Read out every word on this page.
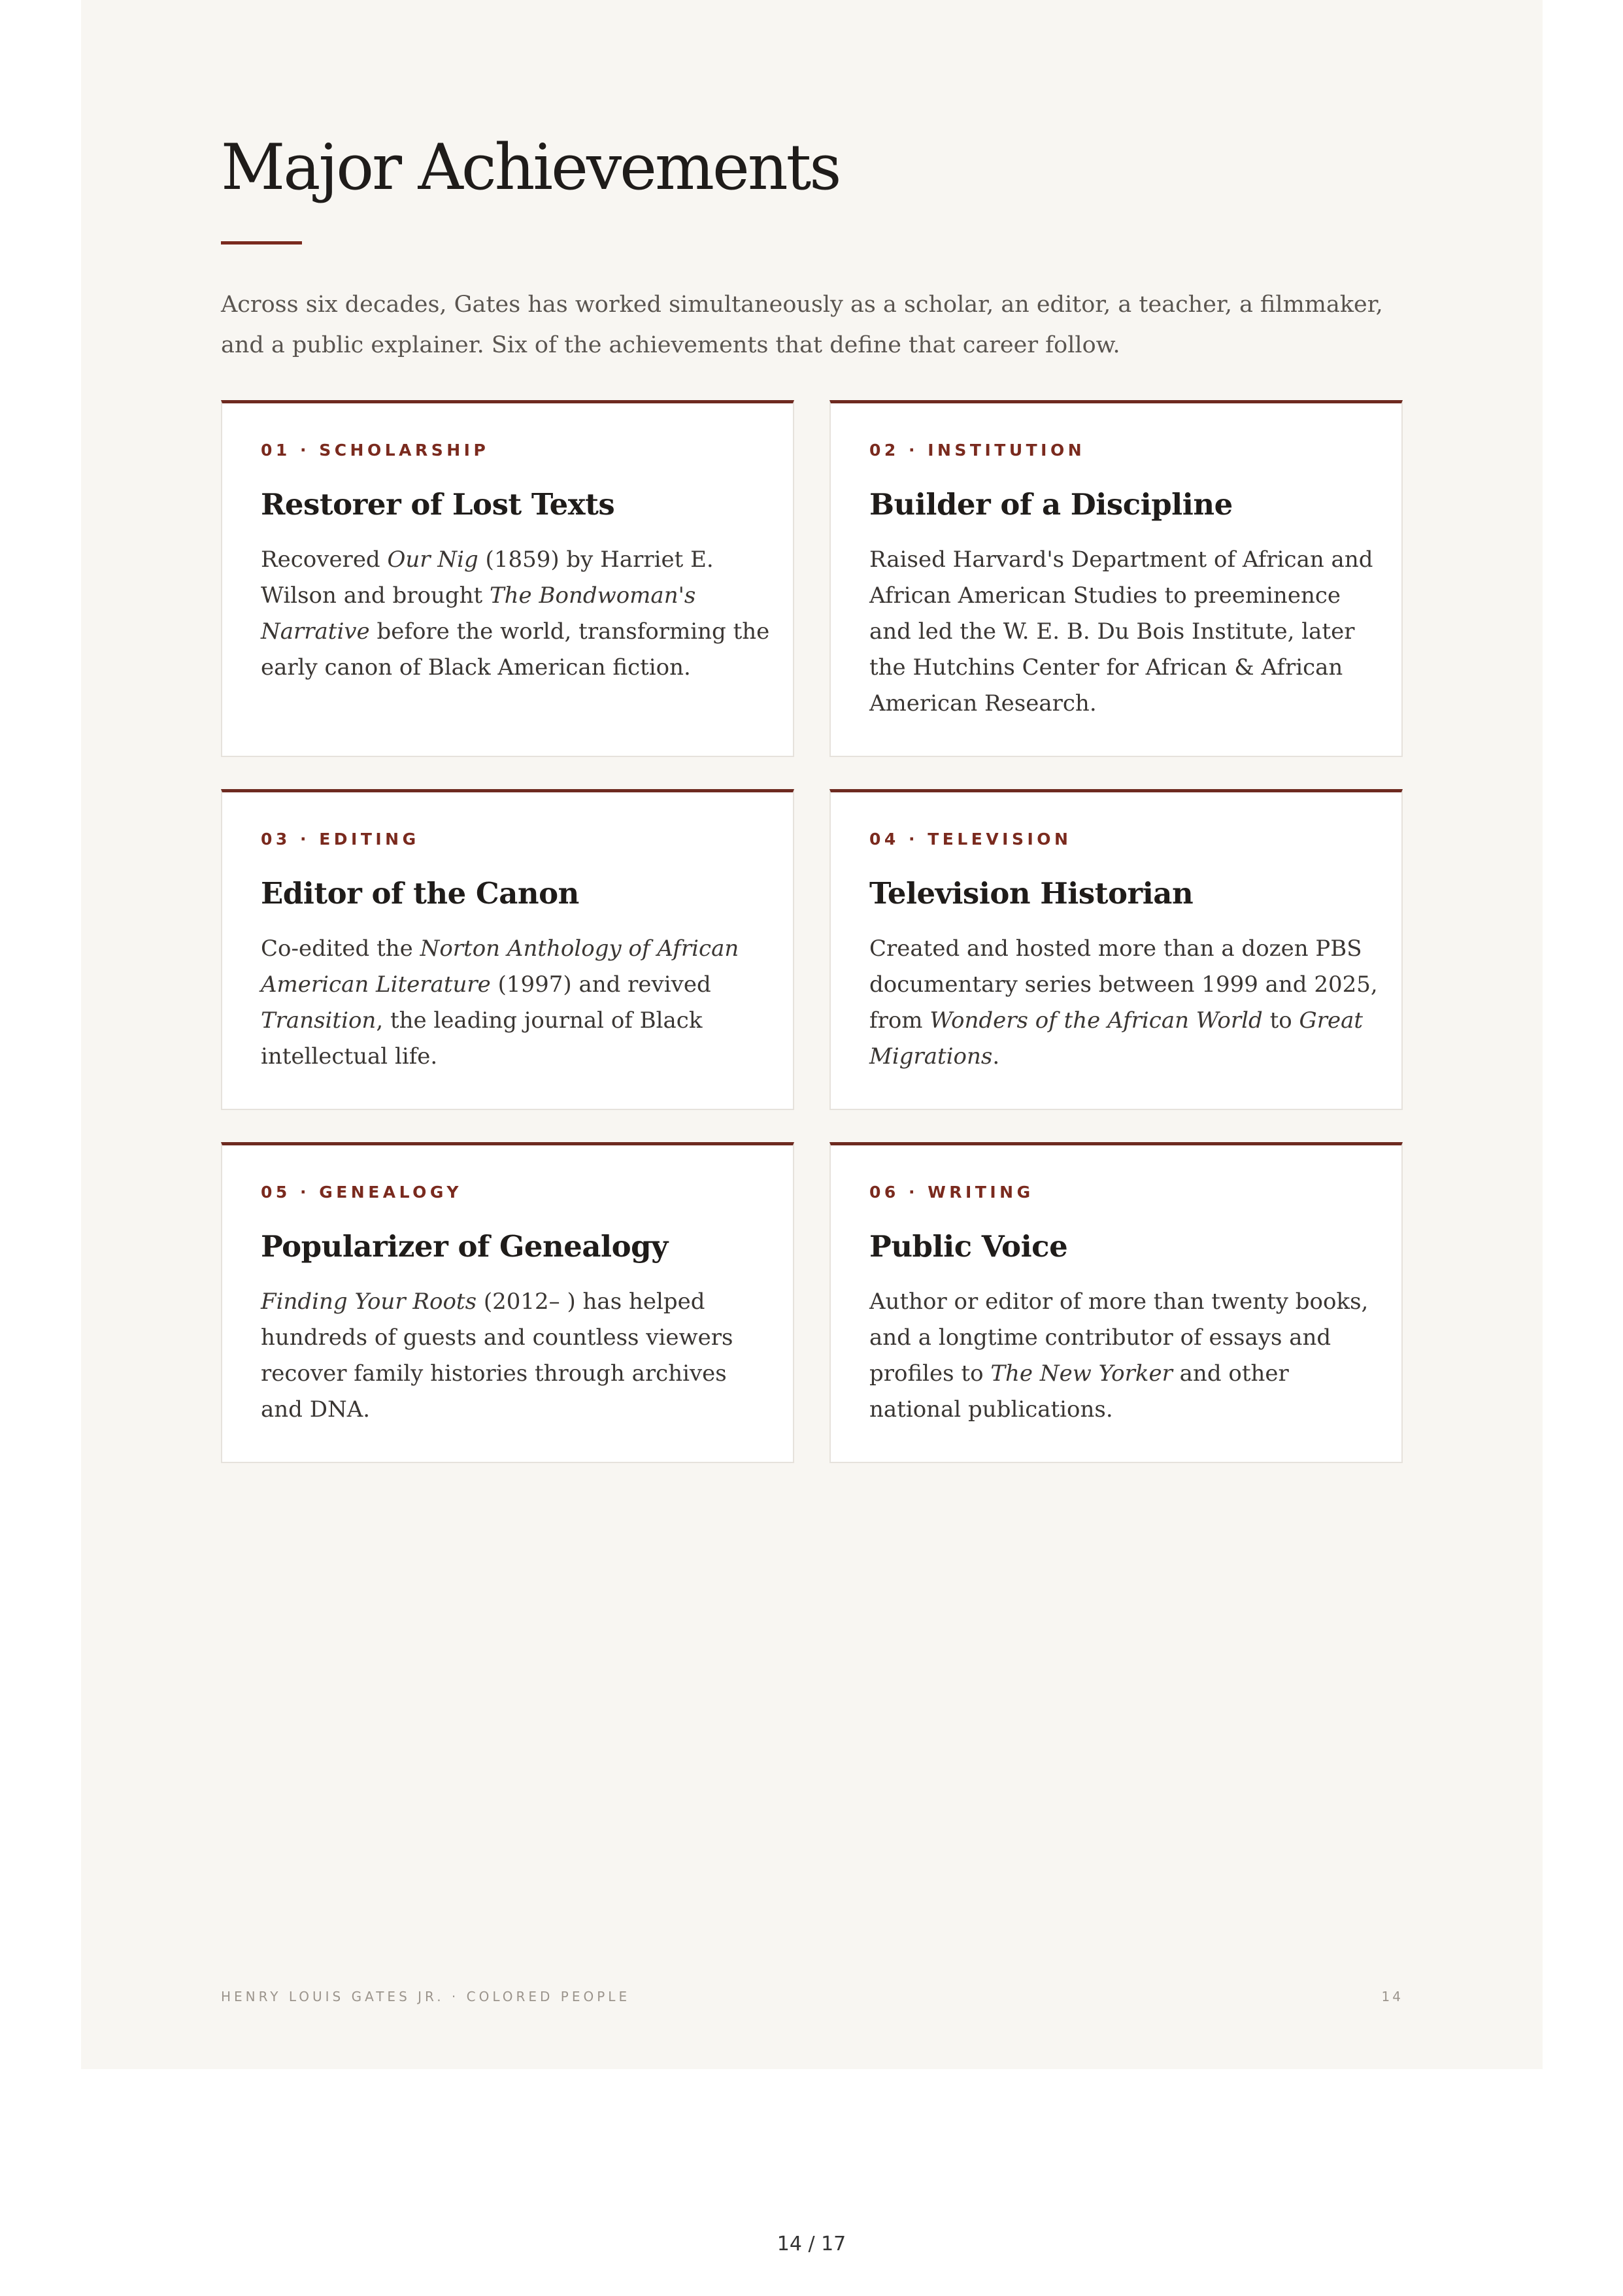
Major Achievements

Across six decades, Gates has worked simultaneously as a scholar, an editor, a teacher, a filmmaker, and a public explainer. Six of the achievements that define that career follow.

01 · SCHOLARSHIP
Restorer of Lost Texts

Recovered Our Nig (1859) by Harriet E. Wilson and brought The Bondwoman's Narrative before the world, transforming the early canon of Black American fiction.

02 · INSTITUTION
Builder of a Discipline

Raised Harvard's Department of African and African American Studies to preeminence and led the W. E. B. Du Bois Institute, later the Hutchins Center for African & African American Research.

03 · EDITING
Editor of the Canon

Co-edited the Norton Anthology of African American Literature (1997) and revived Transition, the leading journal of Black intellectual life.

04 · TELEVISION
Television Historian

Created and hosted more than a dozen PBS documentary series between 1999 and 2025, from Wonders of the African World to Great Migrations.

05 · GENEALOGY
Popularizer of Genealogy

Finding Your Roots (2012– ) has helped hundreds of guests and countless viewers recover family histories through archives and DNA.

06 · WRITING
Public Voice

Author or editor of more than twenty books, and a longtime contributor of essays and profiles to The New Yorker and other national publications.

HENRY LOUIS GATES JR. · COLORED PEOPLE	14
14 / 17
